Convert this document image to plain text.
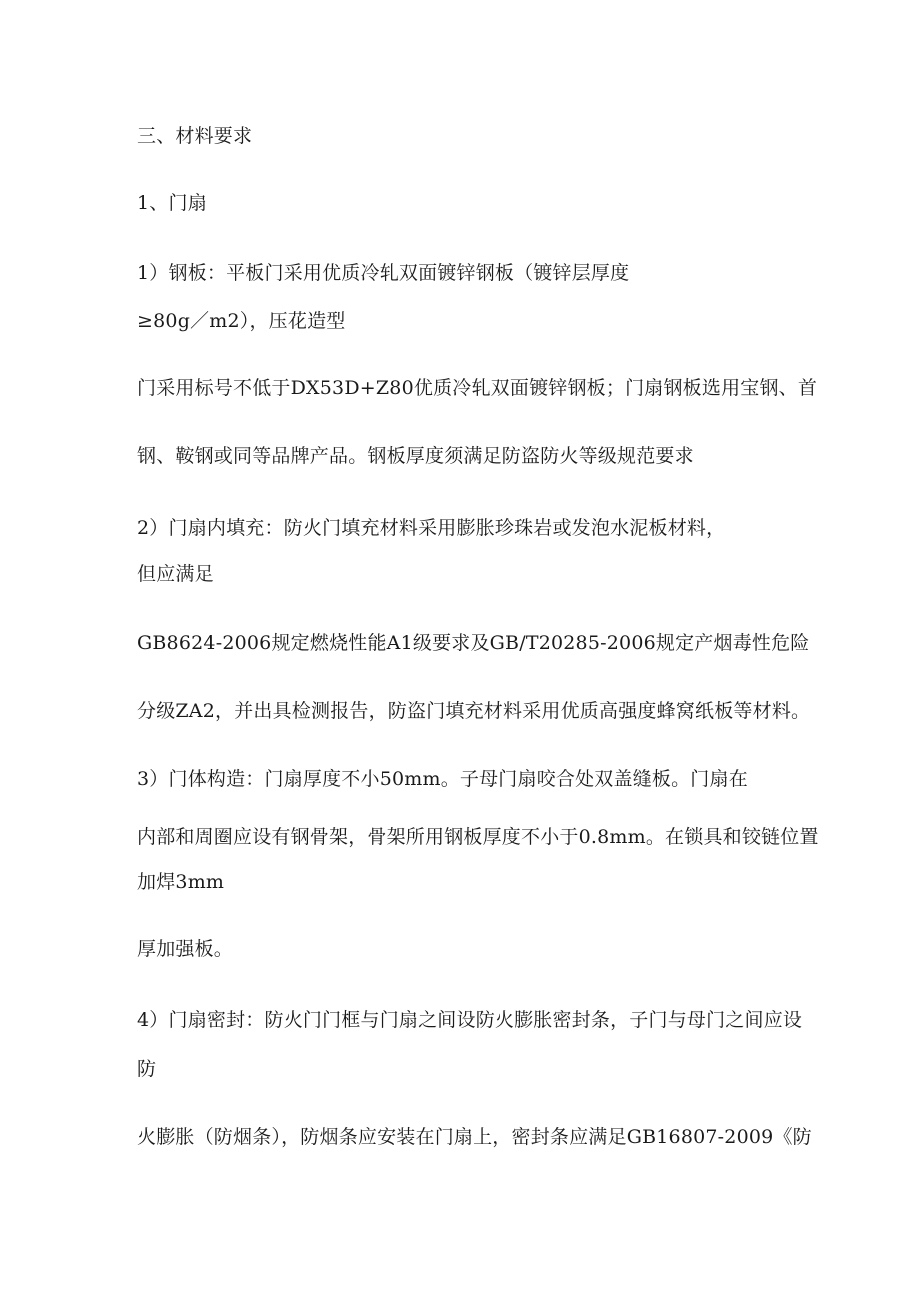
三、材料要求
1、门扇
1）钢板：平板门采用优质冷轧双面镀锌钢板（镀锌层厚度
≥80g／m2），压花造型
门采用标号不低于DX53D+Z80优质冷轧双面镀锌钢板；门扇钢板选用宝钢、首
钢、鞍钢或同等品牌产品。钢板厚度须满足防盗防火等级规范要求
2）门扇内填充：防火门填充材料采用膨胀珍珠岩或发泡水泥板材料，
但应满足
GB8624-2006规定燃烧性能A1级要求及GB/T20285-2006规定产烟毒性危险
分级ZA2，并出具检测报告，防盗门填充材料采用优质高强度蜂窝纸板等材料。
3）门体构造：门扇厚度不小50mm。子母门扇咬合处双盖缝板。门扇在
内部和周圈应设有钢骨架，骨架所用钢板厚度不小于0.8mm。在锁具和铰链位置
加焊3mm
厚加强板。
4）门扇密封：防火门门框与门扇之间设防火膨胀密封条，子门与母门之间应设
防
火膨胀（防烟条），防烟条应安装在门扇上，密封条应满足GB16807-2009《防
